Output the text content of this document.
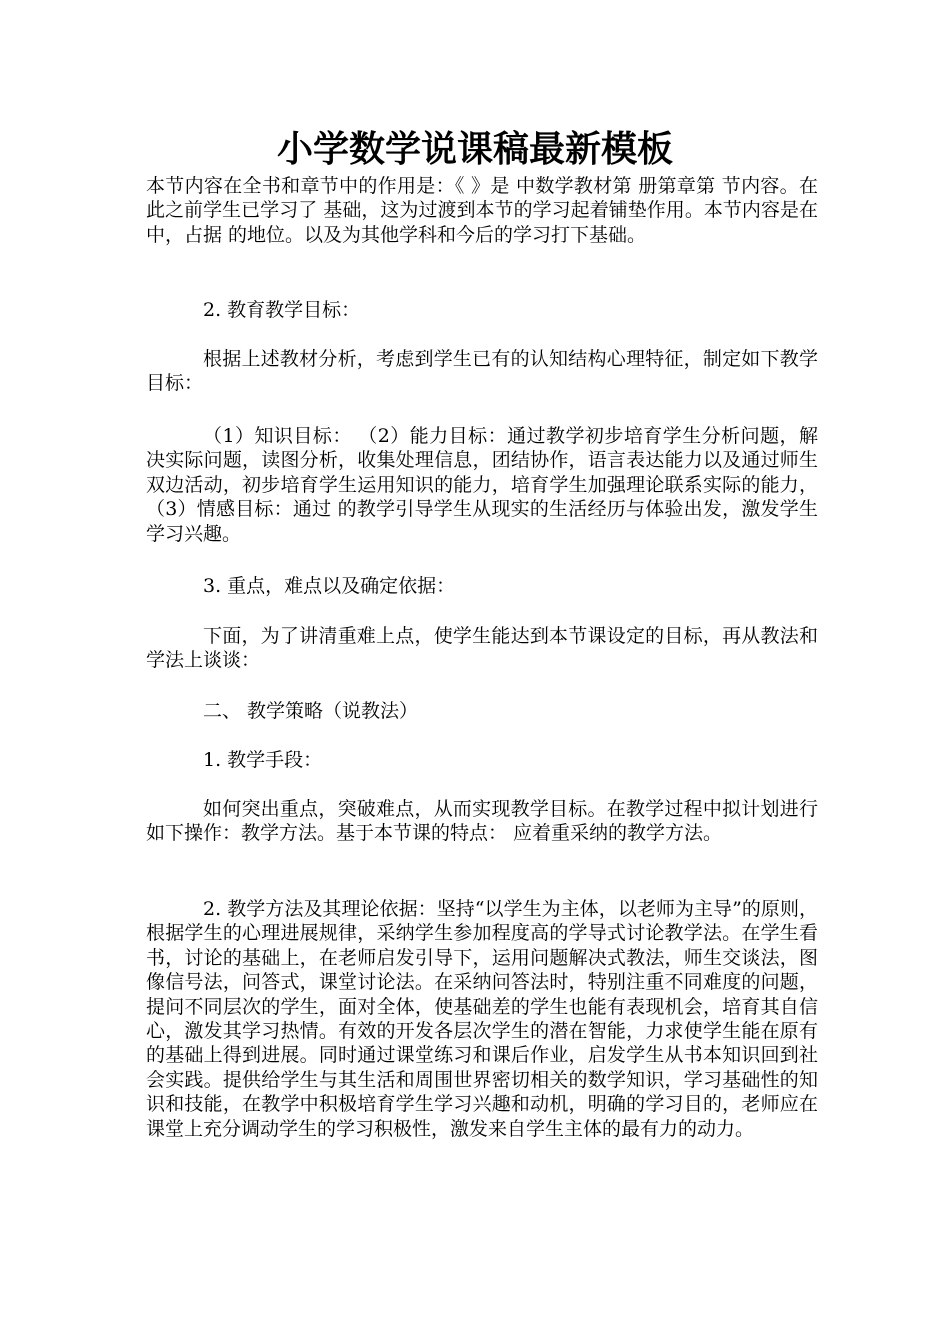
小学数学说课稿最新模板

本节内容在全书和章节中的作用是：《 》是 中数学教材第 册第章第 节内容。在此之前学生已学习了 基础，这为过渡到本节的学习起着铺垫作用。本节内容是在 中，占据 的地位。以及为其他学科和今后的学习打下基础。

2. 教育教学目标：

根据上述教材分析，考虑到学生已有的认知结构心理特征，制定如下教学目标：

（1）知识目标： （2）能力目标：通过教学初步培育学生分析问题，解决实际问题，读图分析，收集处理信息，团结协作，语言表达能力以及通过师生双边活动，初步培育学生运用知识的能力，培育学生加强理论联系实际的能力，（3）情感目标：通过 的教学引导学生从现实的生活经历与体验出发，激发学生学习兴趣。

3. 重点，难点以及确定依据：

下面，为了讲清重难上点，使学生能达到本节课设定的目标，再从教法和学法上谈谈：

二、 教学策略（说教法）

1. 教学手段：

如何突出重点，突破难点，从而实现教学目标。在教学过程中拟计划进行如下操作：教学方法。基于本节课的特点： 应着重采纳的教学方法。

2. 教学方法及其理论依据：坚持“以学生为主体，以老师为主导”的原则，根据学生的心理进展规律，采纳学生参加程度高的学导式讨论教学法。在学生看书，讨论的基础上，在老师启发引导下，运用问题解决式教法，师生交谈法，图像信号法，问答式，课堂讨论法。在采纳问答法时，特别注重不同难度的问题，提问不同层次的学生，面对全体，使基础差的学生也能有表现机会，培育其自信心，激发其学习热情。有效的开发各层次学生的潜在智能，力求使学生能在原有的基础上得到进展。同时通过课堂练习和课后作业，启发学生从书本知识回到社会实践。提供给学生与其生活和周围世界密切相关的数学知识，学习基础性的知识和技能，在教学中积极培育学生学习兴趣和动机，明确的学习目的，老师应在课堂上充分调动学生的学习积极性，激发来自学生主体的最有力的动力。
